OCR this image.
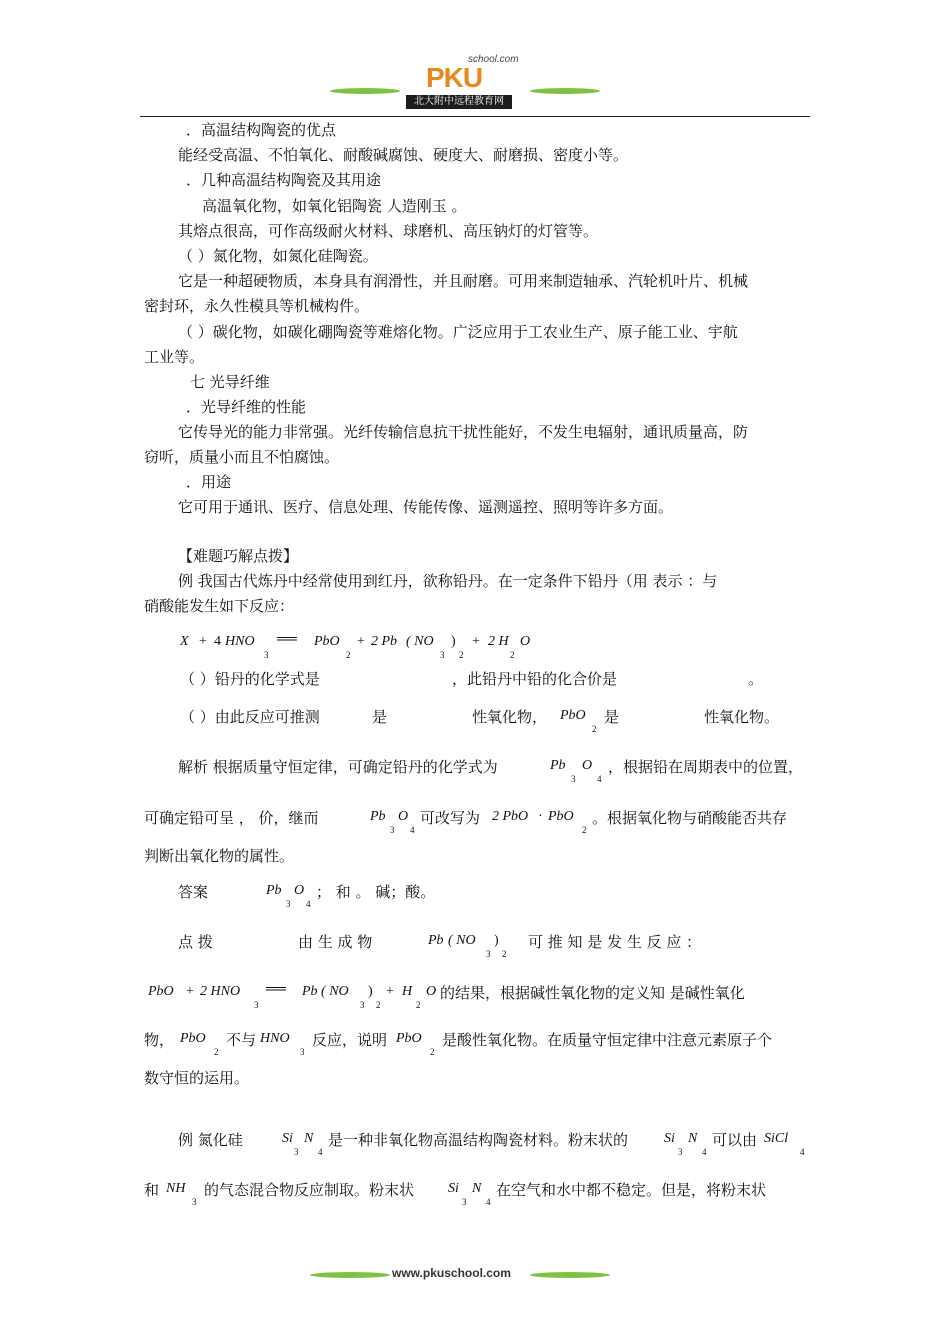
school.com
PKU
北大附中远程教育网
．高温结构陶瓷的优点
能经受高温、不怕氧化、耐酸碱腐蚀、硬度大、耐磨损、密度小等。
．几种高温结构陶瓷及其用途
高温氧化物，如氧化铝陶瓷 人造刚玉 。
其熔点很高，可作高级耐火材料、球磨机、高压钠灯的灯管等。
（ ）氮化物，如氮化硅陶瓷。
它是一种超硬物质，本身具有润滑性，并且耐磨。可用来制造轴承、汽轮机叶片、机械
密封环，永久性模具等机械构件。
（ ）碳化物，如碳化硼陶瓷等难熔化物。广泛应用于工农业生产、原子能工业、宇航
工业等。
七 光导纤维
．光导纤维的性能
它传导光的能力非常强。光纤传输信息抗干扰性能好，不发生电辐射，通讯质量高，防
窃听，质量小而且不怕腐蚀。
．用途
它可用于通讯、医疗、信息处理、传能传像、遥测遥控、照明等许多方面。
【难题巧解点拨】
例 我国古代炼丹中经常使用到红丹，欲称铅丹。在一定条件下铅丹（用 表示 ：与
硝酸能发生如下反应：
X + 4 HNO
3
══ PbO
2
+ 2 Pb ( NO
3
)
2
+ 2 H
2
O
（ ）铅丹的化学式是	，此铅丹中铅的化合价是	。
（ ）由此反应可推测	是	性氧化物， PbO
2
是	性氧化物。
解析 根据质量守恒定律，可确定铅丹的化学式为	Pb
3
O
4
，根据铅在周期表中的位置，
可确定铅可呈 ， 价，继而	Pb
3
O
4
可改写为 2 PbO · PbO
2
。根据氧化物与硝酸能否共存
判断出氧化物的属性。
答案	Pb
3
O
4
； 和 。 碱；酸。
点 拨	由 生 成 物	Pb ( NO
3
)
2
可 推 知 是 发 生 反 应 ：
PbO + 2 HNO
3
══ Pb ( NO
3
)
2
+ H
2
O 的结果，根据碱性氧化物的定义知 是碱性氧化
物， PbO
2
不与 HNO
3
反应，说明 PbO
2
是酸性氧化物。在质量守恒定律中注意元素原子个
数守恒的运用。
例 氮化硅	Si
3
N
4
是一种非氧化物高温结构陶瓷材料。粉末状的	Si
3
N
4
可以由 SiCl
4
和 NH
3
的气态混合物反应制取。粉末状 Si
3
N
4
在空气和水中都不稳定。但是，将粉末状
www.pkuschool.com
